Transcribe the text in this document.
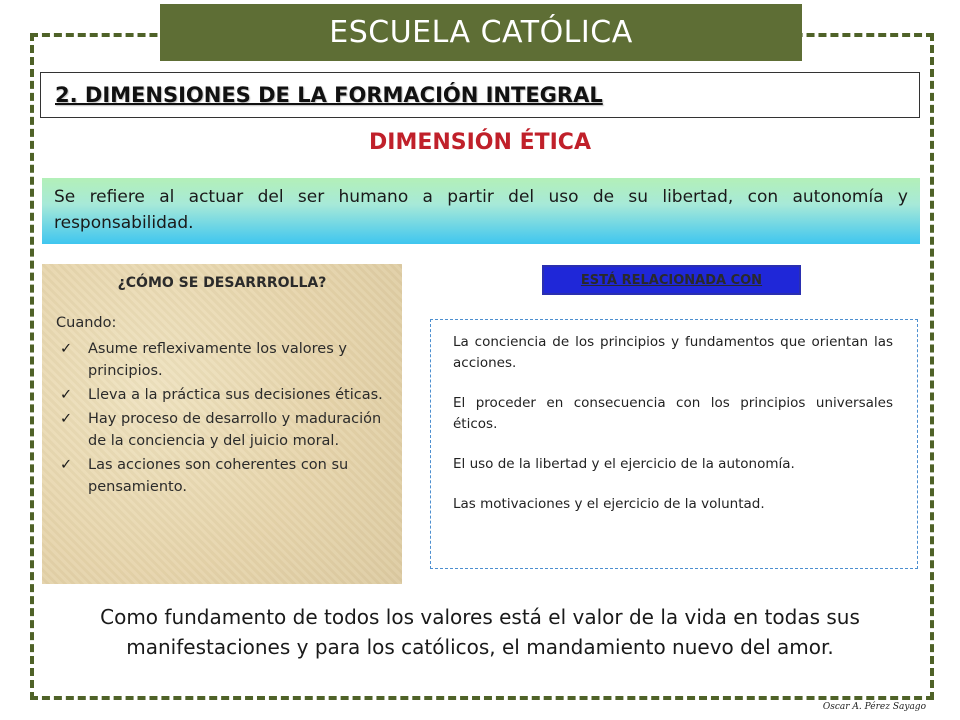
ESCUELA CATÓLICA
2. DIMENSIONES DE LA FORMACIÓN INTEGRAL
DIMENSIÓN ÉTICA
Se refiere al actuar del ser humano a partir del uso de su libertad, con autonomía y responsabilidad.
¿CÓMO SE DESARRROLLA?
Cuando:
✓ Asume reflexivamente los valores y principios.
✓ Lleva a la práctica sus decisiones éticas.
✓ Hay proceso de desarrollo y maduración de la conciencia y del juicio moral.
✓ Las acciones son coherentes con su pensamiento.
ESTÁ RELACIONADA CON

La conciencia de los principios y fundamentos que orientan las acciones.

El proceder en consecuencia con los principios universales éticos.

El uso de la libertad y el ejercicio de la autonomía.

Las motivaciones y el ejercicio de la voluntad.

Como fundamento de todos los valores está el valor de la vida en todas sus manifestaciones y para los católicos, el mandamiento nuevo del amor.
Oscar A. Pérez Sayago
